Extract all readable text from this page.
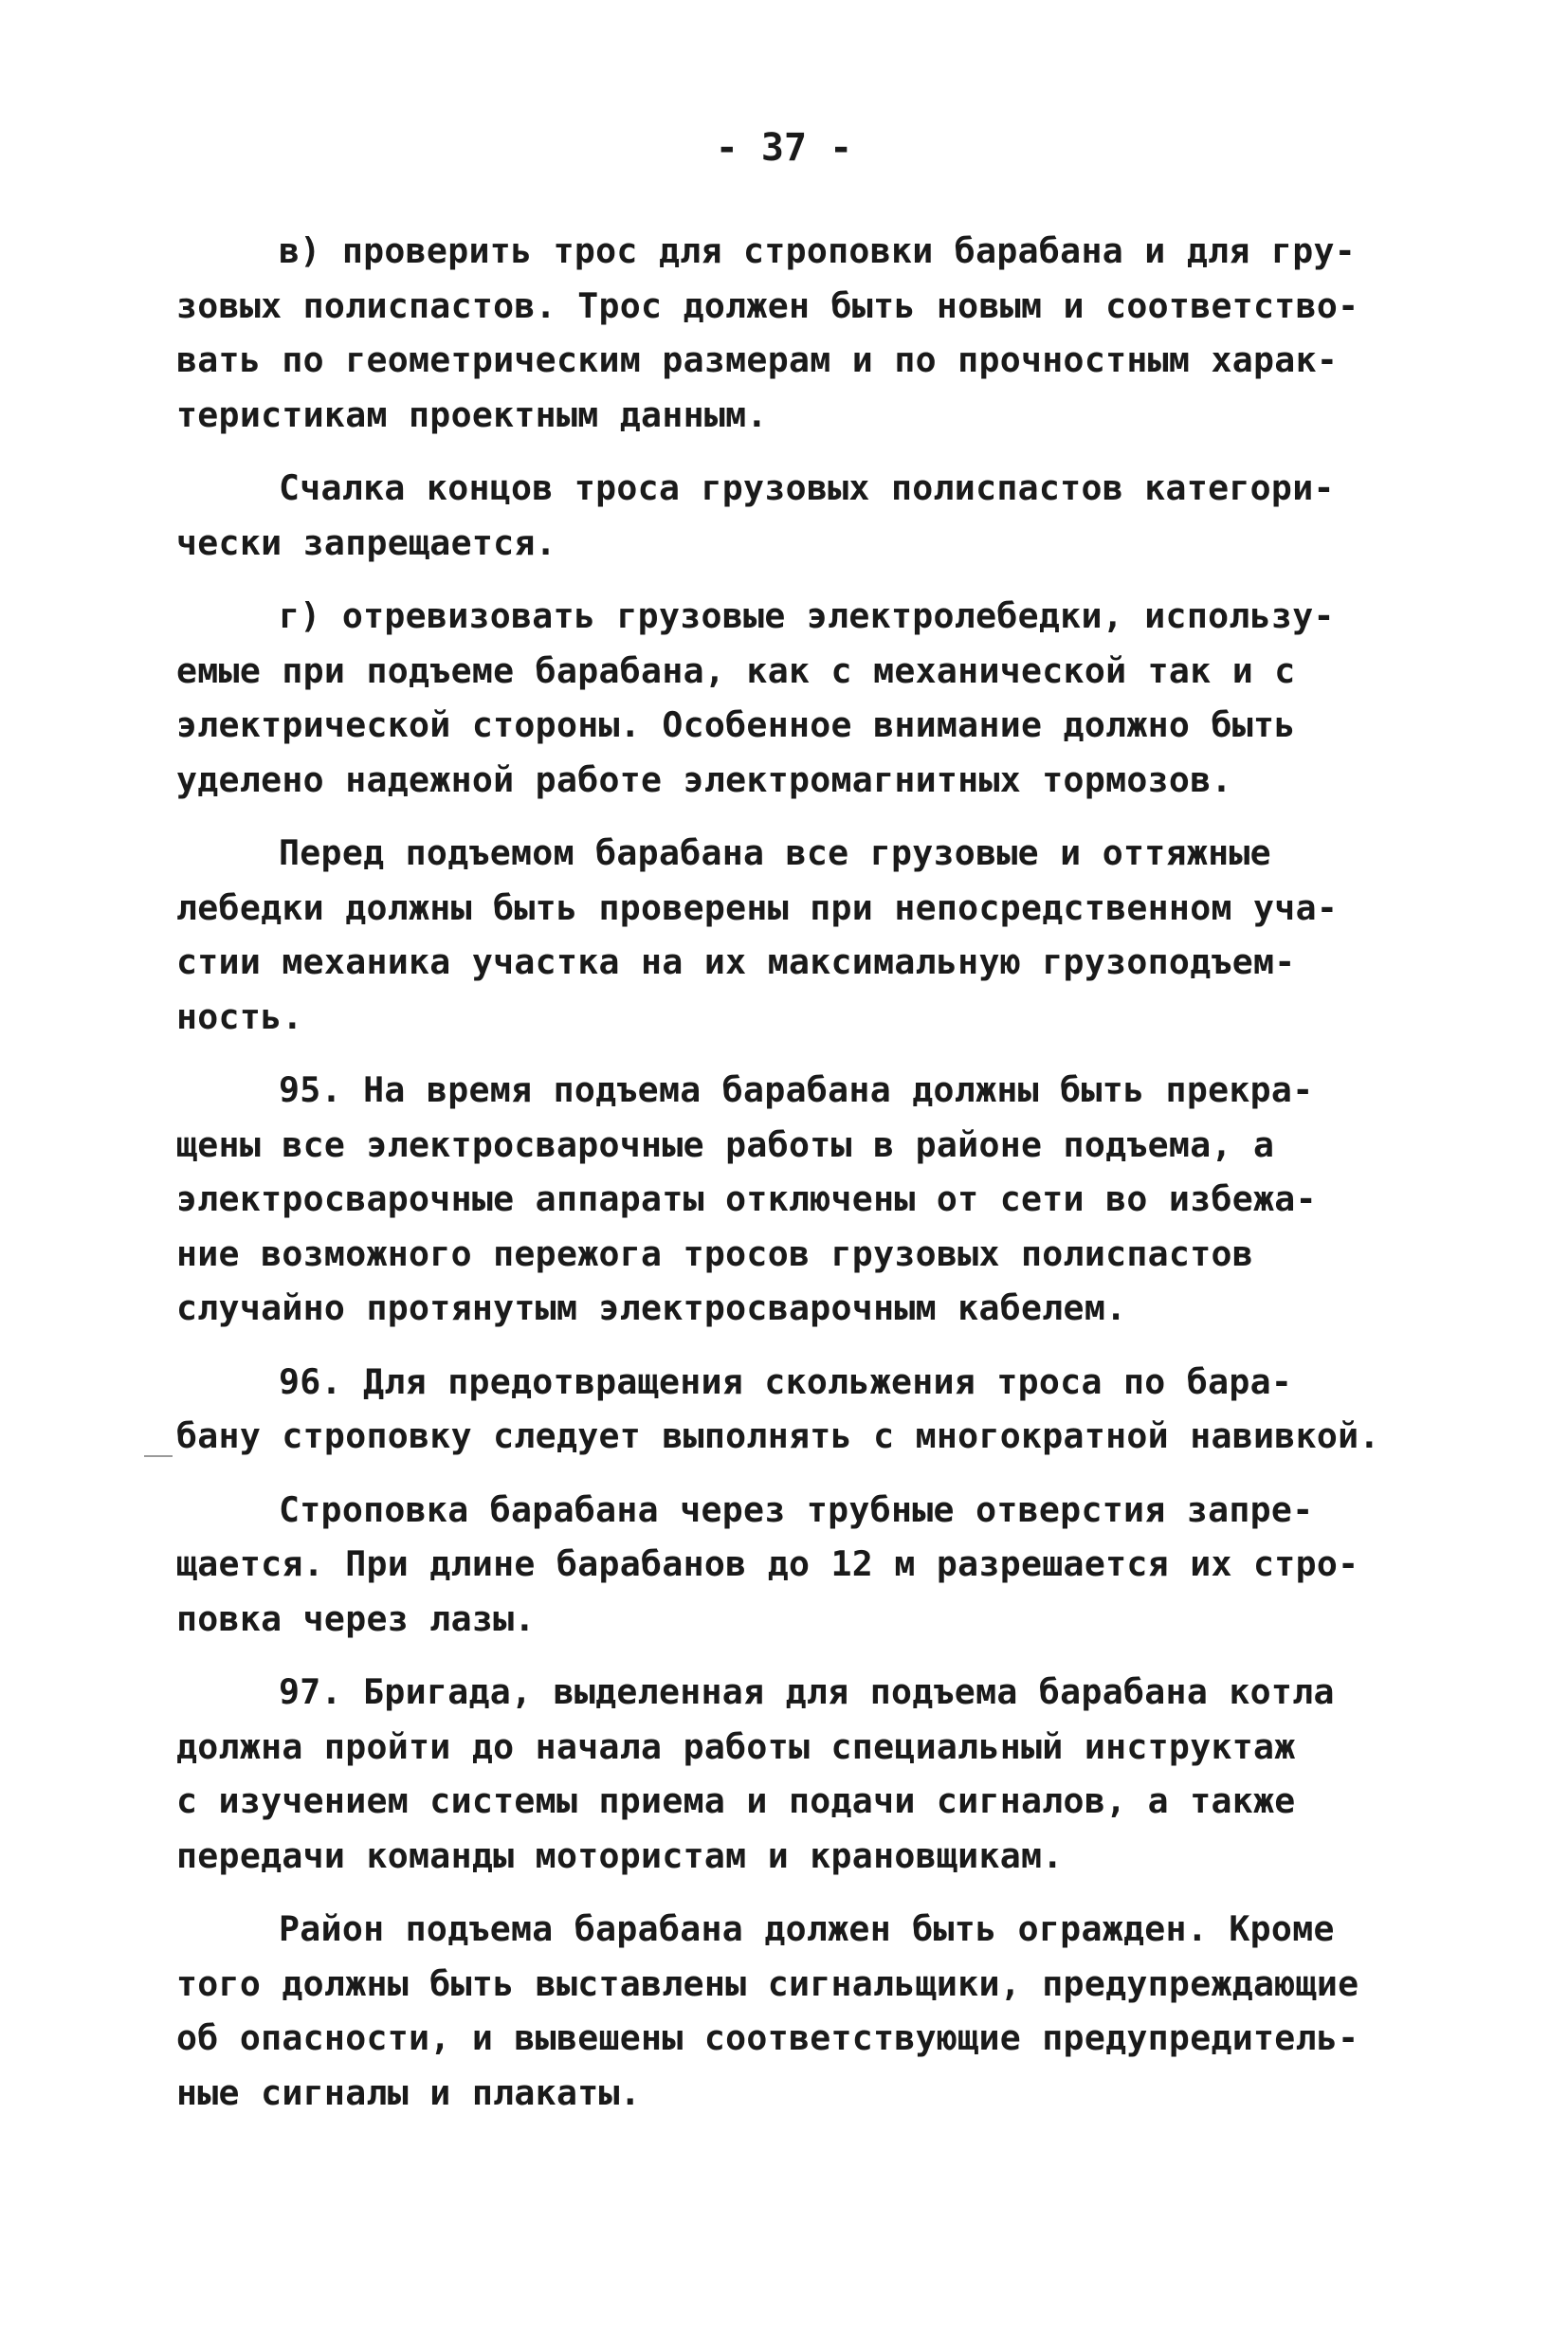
- 37 -

в) проверить трос для строповки барабана и для гру-
зовых полиспастов. Трос должен быть новым и соответство-
вать по геометрическим размерам и по прочностным харак-
теристикам проектным данным.

Счалка концов троса грузовых полиспастов категори-
чески запрещается.

г) отревизовать грузовые электролебедки, использу-
емые при подъеме барабана, как с механической так и с
электрической стороны. Особенное внимание должно быть
уделено надежной работе электромагнитных тормозов.

Перед подъемом барабана все грузовые и оттяжные
лебедки должны быть проверены при непосредственном уча-
стии механика участка на их максимальную грузоподъем-
ность.

95. На время подъема барабана должны быть прекра-
щены все электросварочные работы в районе подъема, а
электросварочные аппараты отключены от сети во избежа-
ние возможного пережога тросов грузовых полиспастов
случайно протянутым электросварочным кабелем.

96. Для предотвращения скольжения троса по бара-
бану строповку следует выполнять с многократной навивкой.

Строповка барабана через трубные отверстия запре-
щается. При длине барабанов до 12 м разрешается их стро-
повка через лазы.

97. Бригада, выделенная для подъема барабана котла
должна пройти до начала работы специальный инструктаж
с изучением системы приема и подачи сигналов, а также
передачи команды мотористам и крановщикам.

Район подъема барабана должен быть огражден. Кроме
того должны быть выставлены сигнальщики, предупреждающие
об опасности, и вывешены соответствующие предупредитель-
ные сигналы и плакаты.
